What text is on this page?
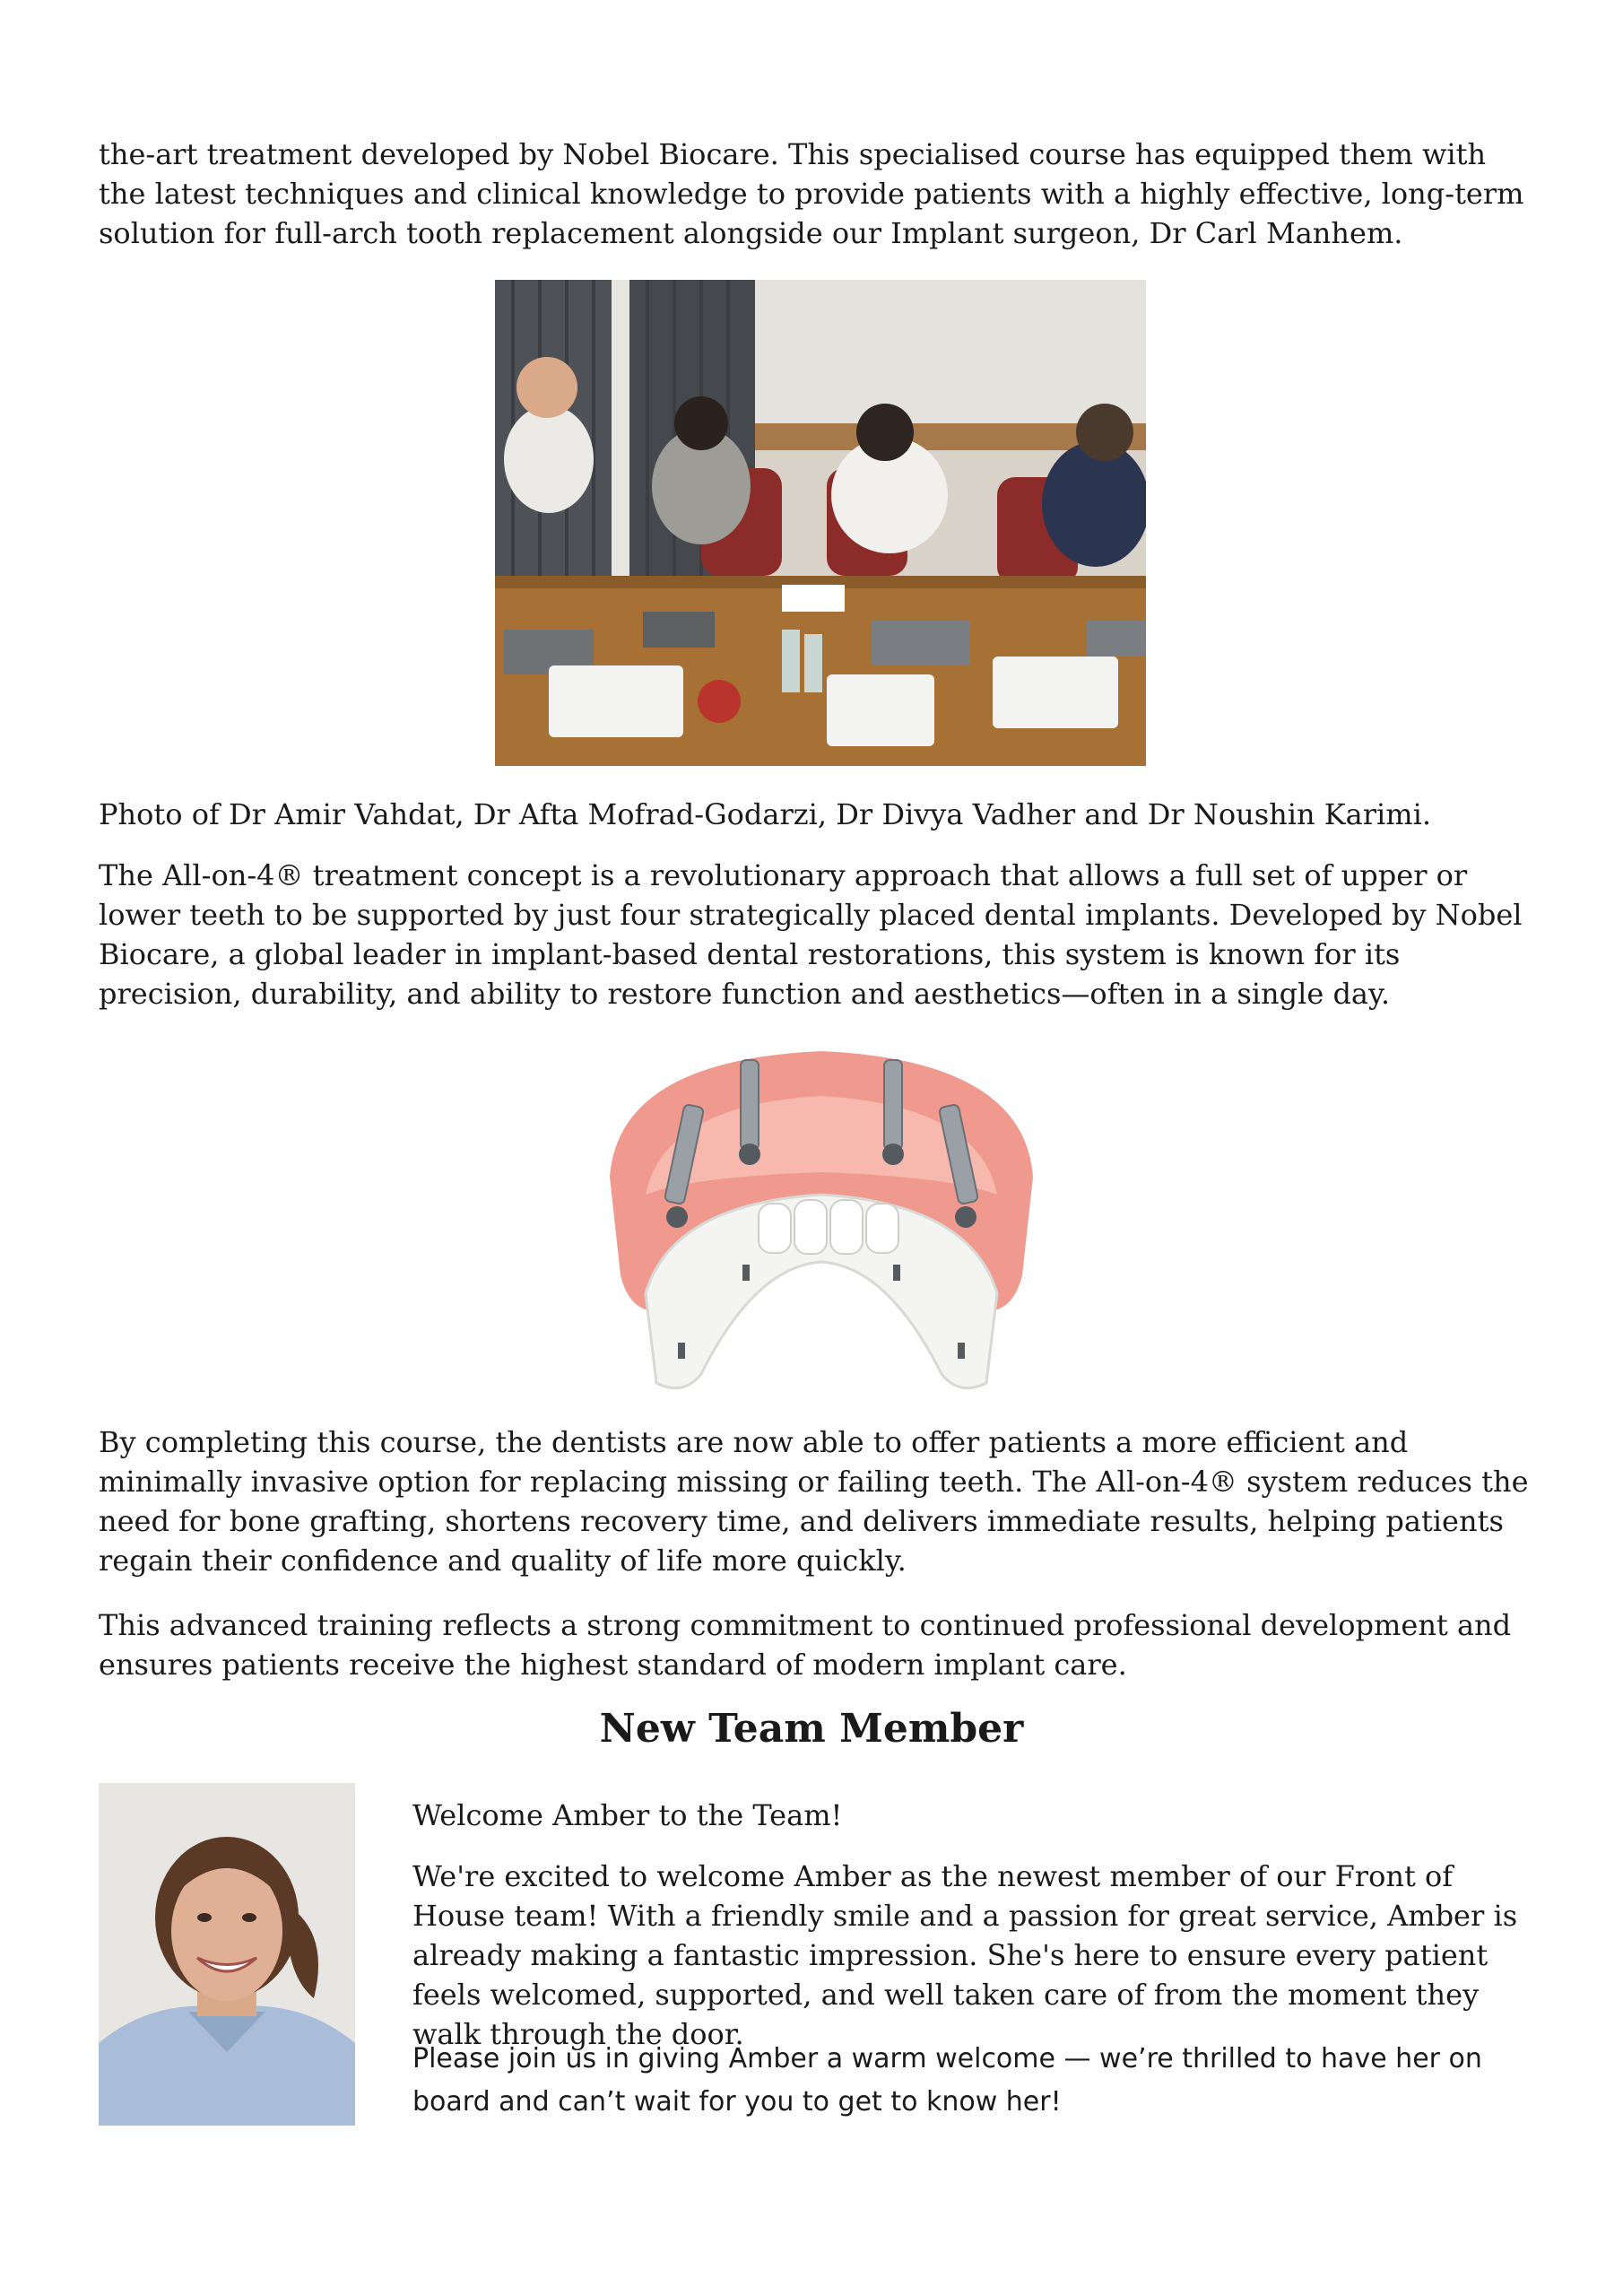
the-art treatment developed by Nobel Biocare. This specialised course has equipped them with the latest techniques and clinical knowledge to provide patients with a highly effective, long-term solution for full-arch tooth replacement alongside our Implant surgeon, Dr Carl Manhem.

Photo of Dr Amir Vahdat, Dr Afta Mofrad-Godarzi, Dr Divya Vadher and Dr Noushin Karimi.

The All-on-4® treatment concept is a revolutionary approach that allows a full set of upper or lower teeth to be supported by just four strategically placed dental implants. Developed by Nobel Biocare, a global leader in implant-based dental restorations, this system is known for its precision, durability, and ability to restore function and aesthetics—often in a single day.

By completing this course, the dentists are now able to offer patients a more efficient and minimally invasive option for replacing missing or failing teeth. The All-on-4® system reduces the need for bone grafting, shortens recovery time, and delivers immediate results, helping patients regain their confidence and quality of life more quickly.

This advanced training reflects a strong commitment to continued professional development and ensures patients receive the highest standard of modern implant care.

New Team Member

Welcome Amber to the Team!

We're excited to welcome Amber as the newest member of our Front of House team! With a friendly smile and a passion for great service, Amber is already making a fantastic impression. She's here to ensure every patient feels welcomed, supported, and well taken care of from the moment they walk through the door.

Please join us in giving Amber a warm welcome — we’re thrilled to have her on board and can’t wait for you to get to know her!
